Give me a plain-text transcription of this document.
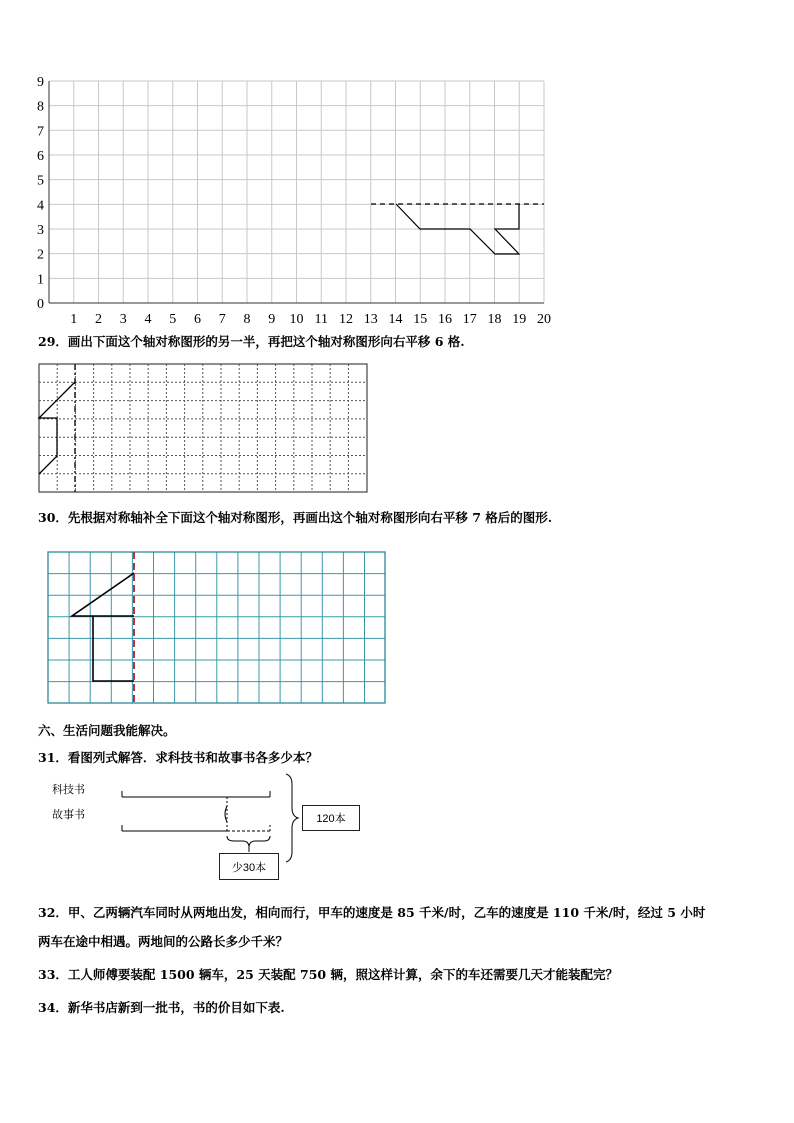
0
1
2
3
4
5
6
7
8
9
1 2 3 4 5 6 7 8 9 10 11 12 13 14 15 16 17 18 19 20
29．画出下面这个轴对称图形的另一半，再把这个轴对称图形向右平移 6 格.
30．先根据对称轴补全下面这个轴对称图形，再画出这个轴对称图形向右平移 7 格后的图形.
六、生活问题我能解决。
31．看图列式解答．求科技书和故事书各多少本？
科技书
故事书	120本
少30本
32．甲、乙两辆汽车同时从两地出发，相向而行，甲车的速度是 85 千米/时，乙车的速度是 110 千米/时，经过 5 小时
两车在途中相遇。两地间的公路长多少千米？
33．工人师傅要装配 1500 辆车，25 天装配 750 辆，照这样计算，余下的车还需要几天才能装配完？
34．新华书店新到一批书，书的价目如下表.
